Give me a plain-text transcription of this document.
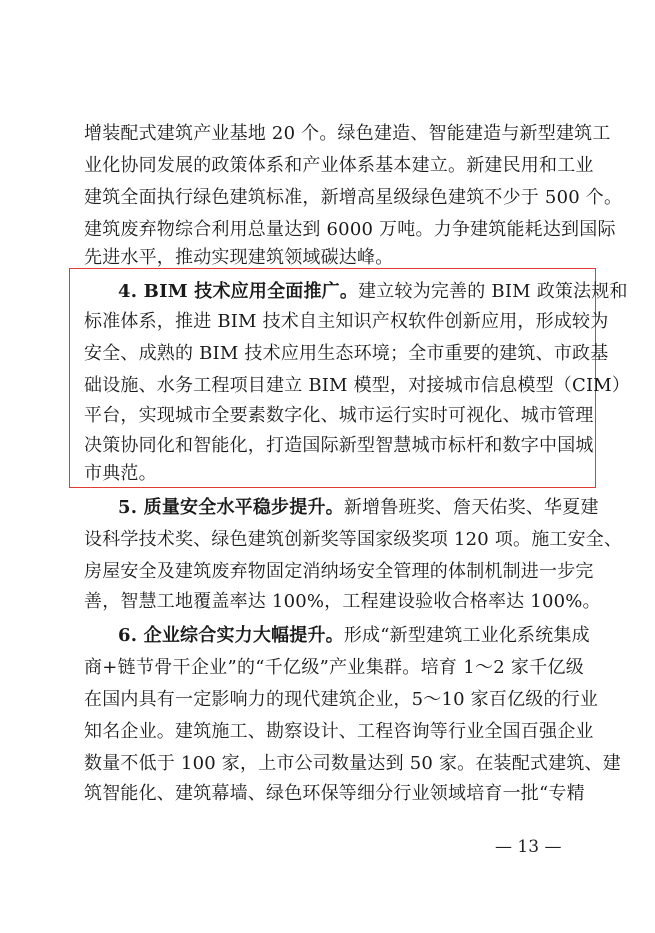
增装配式建筑产业基地 20 个。绿色建造、智能建造与新型建筑工
业化协同发展的政策体系和产业体系基本建立。新建民用和工业
建筑全面执行绿色建筑标准，新增高星级绿色建筑不少于 500 个。
建筑废弃物综合利用总量达到 6000 万吨。力争建筑能耗达到国际
先进水平，推动实现建筑领域碳达峰。
4. BIM 技术应用全面推广。建立较为完善的 BIM 政策法规和
标准体系，推进 BIM 技术自主知识产权软件创新应用，形成较为
安全、成熟的 BIM 技术应用生态环境；全市重要的建筑、市政基
础设施、水务工程项目建立 BIM 模型，对接城市信息模型（CIM）
平台，实现城市全要素数字化、城市运行实时可视化、城市管理
决策协同化和智能化，打造国际新型智慧城市标杆和数字中国城
市典范。
5. 质量安全水平稳步提升。新增鲁班奖、詹天佑奖、华夏建
设科学技术奖、绿色建筑创新奖等国家级奖项 120 项。施工安全、
房屋安全及建筑废弃物固定消纳场安全管理的体制机制进一步完
善，智慧工地覆盖率达 100%，工程建设验收合格率达 100%。
6. 企业综合实力大幅提升。形成“新型建筑工业化系统集成
商+链节骨干企业”的“千亿级”产业集群。培育 1～2 家千亿级
在国内具有一定影响力的现代建筑企业，5～10 家百亿级的行业
知名企业。建筑施工、勘察设计、工程咨询等行业全国百强企业
数量不低于 100 家，上市公司数量达到 50 家。在装配式建筑、建
筑智能化、建筑幕墙、绿色环保等细分行业领域培育一批“专精
— 13 —
